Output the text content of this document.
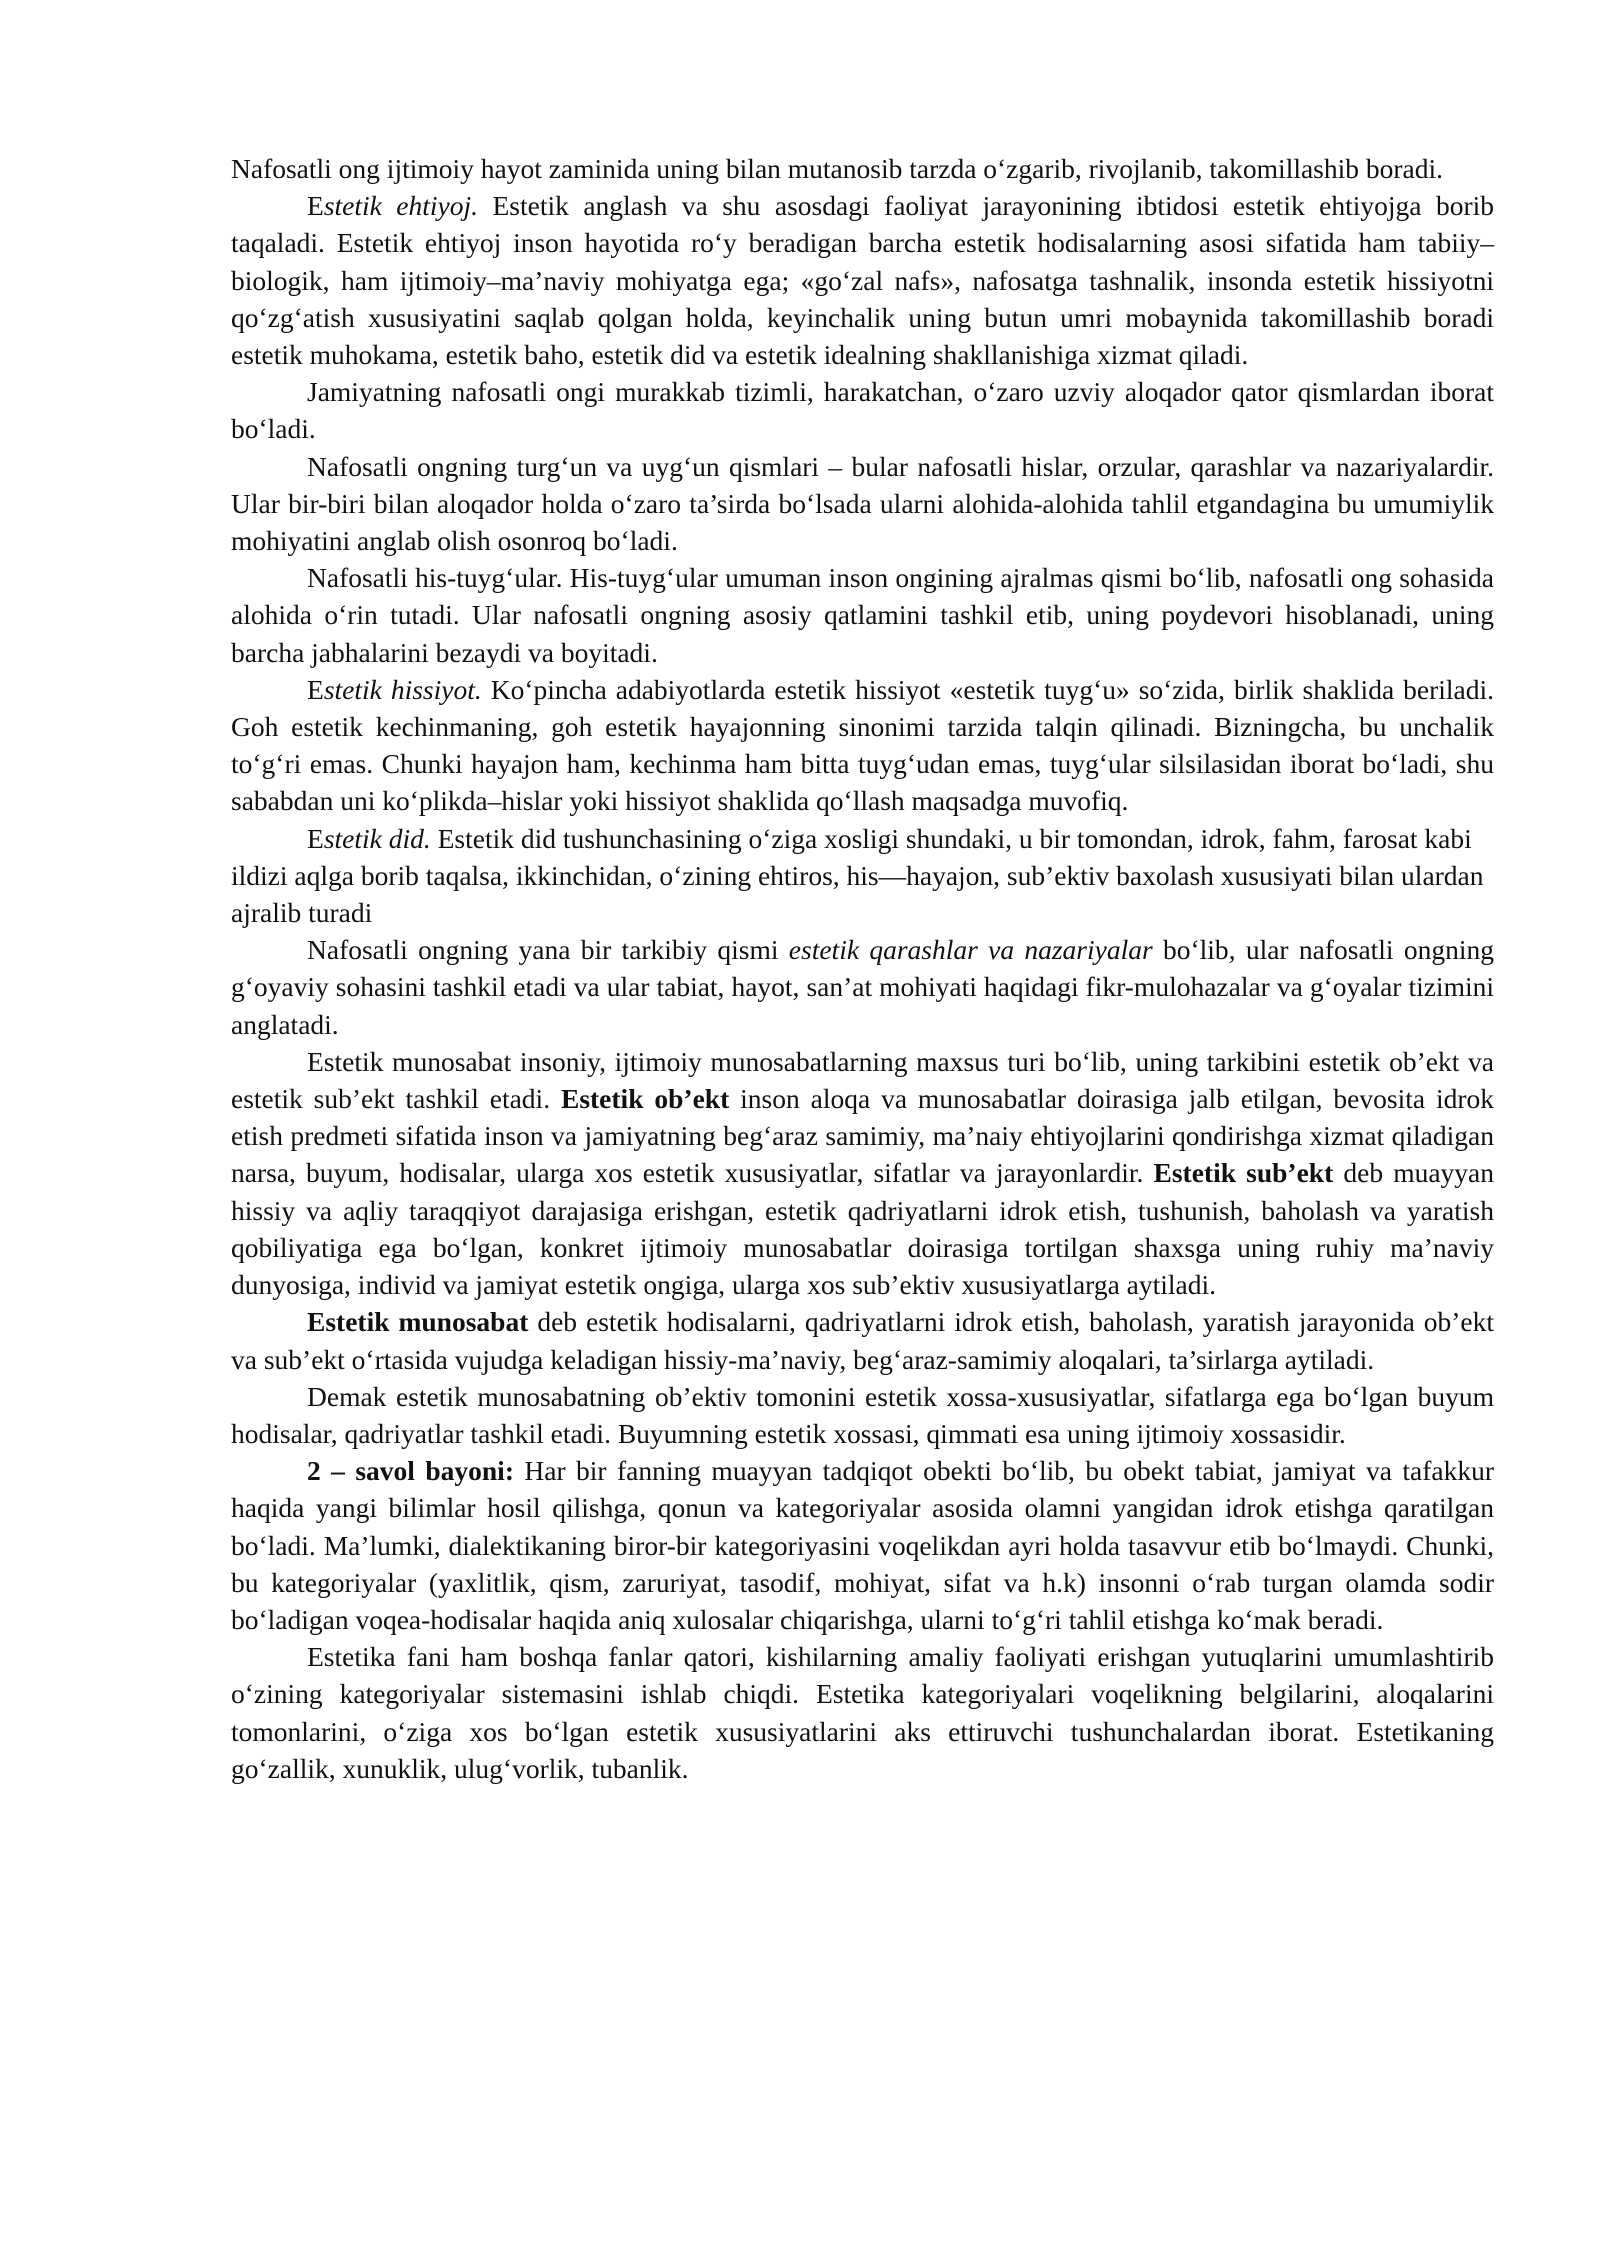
Nafosatli ong ijtimoiy hayot zaminida uning bilan mutanosib tarzda o‘zgarib, rivojlanib, takomillashib boradi.

Estetik ehtiyoj. Estetik anglash va shu asosdagi faoliyat jarayonining ibtidosi estetik ehtiyojga borib taqaladi. Estetik ehtiyoj inson hayotida ro‘y beradigan barcha estetik hodisalarning asosi sifatida ham tabiiy–biologik, ham ijtimoiy–ma’naviy mohiyatga ega; «go‘zal nafs», nafosatga tashnalik, insonda estetik hissiyotni qo‘zg‘atish xususiyatini saqlab qolgan holda, keyinchalik uning butun umri mobaynida takomillashib boradi estetik muhokama, estetik baho, estetik did va estetik idealning shakllanishiga xizmat qiladi.

Jamiyatning nafosatli ongi murakkab tizimli, harakatchan, o‘zaro uzviy aloqador qator qismlardan iborat bo‘ladi.

Nafosatli ongning turg‘un va uyg‘un qismlari – bular nafosatli hislar, orzular, qarashlar va nazariyalardir. Ular bir-biri bilan aloqador holda o‘zaro ta’sirda bo‘lsada ularni alohida-alohida tahlil etgandagina bu umumiylik mohiyatini anglab olish osonroq bo‘ladi.

Nafosatli his-tuyg‘ular. His-tuyg‘ular umuman inson ongining ajralmas qismi bo‘lib, nafosatli ong sohasida alohida o‘rin tutadi. Ular nafosatli ongning asosiy qatlamini tashkil etib, uning poydevori hisoblanadi, uning barcha jabhalarini bezaydi va boyitadi.

Estetik hissiyot. Ko‘pincha adabiyotlarda estetik hissiyot «estetik tuyg‘u» so‘zida, birlik shaklida beriladi. Goh estetik kechinmaning, goh estetik hayajonning sinonimi tarzida talqin qilinadi. Bizningcha, bu unchalik to‘g‘ri emas. Chunki hayajon ham, kechinma ham bitta tuyg‘udan emas, tuyg‘ular silsilasidan iborat bo‘ladi, shu sababdan uni ko‘plikda–hislar yoki hissiyot shaklida qo‘llash maqsadga muvofiq.

Estetik did. Estetik did tushunchasining o‘ziga xosligi shundaki, u bir tomondan, idrok, fahm, farosat kabi ildizi aqlga borib taqalsa, ikkinchidan, o‘zining ehtiros, his—hayajon, sub’ektiv baxolash xususiyati bilan ulardan ajralib turadi

Nafosatli ongning yana bir tarkibiy qismi estetik qarashlar va nazariyalar bo‘lib, ular nafosatli ongning g‘oyaviy sohasini tashkil etadi va ular tabiat, hayot, san’at mohiyati haqidagi fikr-mulohazalar va g‘oyalar tizimini anglatadi.

Estetik munosabat insoniy, ijtimoiy munosabatlarning maxsus turi bo‘lib, uning tarkibini estetik ob’ekt va estetik sub’ekt tashkil etadi. Estetik ob’ekt inson aloqa va munosabatlar doirasiga jalb etilgan, bevosita idrok etish predmeti sifatida inson va jamiyatning beg‘araz samimiy, ma’naiy ehtiyojlarini qondirishga xizmat qiladigan narsa, buyum, hodisalar, ularga xos estetik xususiyatlar, sifatlar va jarayonlardir. Estetik sub’ekt deb muayyan hissiy va aqliy taraqqiyot darajasiga erishgan, estetik qadriyatlarni idrok etish, tushunish, baholash va yaratish qobiliyatiga ega bo‘lgan, konkret ijtimoiy munosabatlar doirasiga tortilgan shaxsga uning ruhiy ma’naviy dunyosiga, individ va jamiyat estetik ongiga, ularga xos sub’ektiv xususiyatlarga aytiladi.

Estetik munosabat deb estetik hodisalarni, qadriyatlarni idrok etish, baholash, yaratish jarayonida ob’ekt va sub’ekt o‘rtasida vujudga keladigan hissiy-ma’naviy, beg‘araz-samimiy aloqalari, ta’sirlarga aytiladi.

Demak estetik munosabatning ob’ektiv tomonini estetik xossa-xususiyatlar, sifatlarga ega bo‘lgan buyum hodisalar, qadriyatlar tashkil etadi. Buyumning estetik xossasi, qimmati esa uning ijtimoiy xossasidir.

2 – savol bayoni: Har bir fanning muayyan tadqiqot obekti bo‘lib, bu obekt tabiat, jamiyat va tafakkur haqida yangi bilimlar hosil qilishga, qonun va kategoriyalar asosida olamni yangidan idrok etishga qaratilgan bo‘ladi. Ma’lumki, dialektikaning biror-bir kategoriyasini voqelikdan ayri holda tasavvur etib bo‘lmaydi. Chunki, bu kategoriyalar (yaxlitlik, qism, zaruriyat, tasodif, mohiyat, sifat va h.k) insonni o‘rab turgan olamda sodir bo‘ladigan voqea-hodisalar haqida aniq xulosalar chiqarishga, ularni to‘g‘ri tahlil etishga ko‘mak beradi.

Estetika fani ham boshqa fanlar qatori, kishilarning amaliy faoliyati erishgan yutuqlarini umumlashtirib o‘zining kategoriyalar sistemasini ishlab chiqdi. Estetika kategoriyalari voqelikning belgilarini, aloqalarini tomonlarini, o‘ziga xos bo‘lgan estetik xususiyatlarini aks ettiruvchi tushunchalardan iborat. Estetikaning go‘zallik, xunuklik, ulug‘vorlik, tubanlik.
